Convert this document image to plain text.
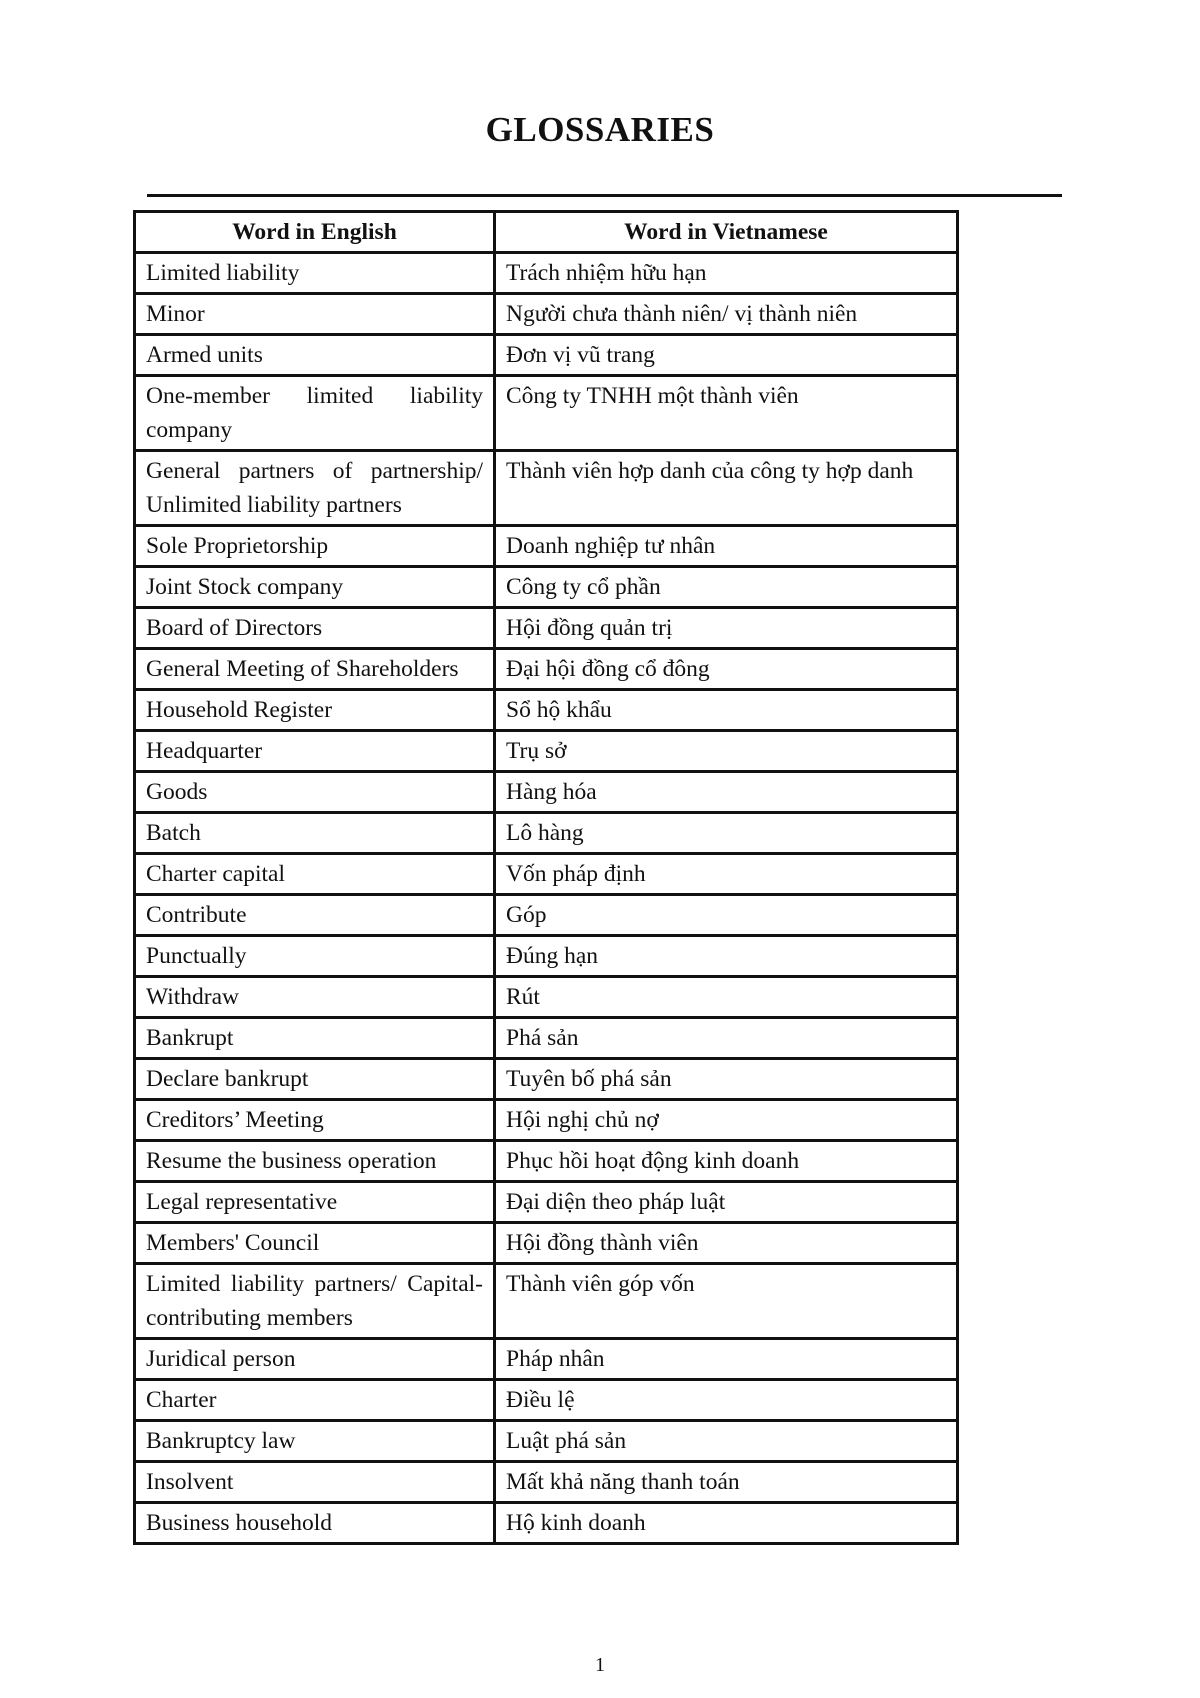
GLOSSARIES
Word in English	Word in Vietnamese
Limited liability	Trách nhiệm hữu hạn
Minor	Người chưa thành niên/ vị thành niên
Armed units	Đơn vị vũ trang
One-member limited liability company	Công ty TNHH một thành viên
General partners of partnership/ Unlimited liability partners	Thành viên hợp danh của công ty hợp danh
Sole Proprietorship	Doanh nghiệp tư nhân
Joint Stock company	Công ty cổ phần
Board of Directors	Hội đồng quản trị
General Meeting of Shareholders	Đại hội đồng cổ đông
Household Register	Sổ hộ khẩu
Headquarter	Trụ sở
Goods	Hàng hóa
Batch	Lô hàng
Charter capital	Vốn pháp định
Contribute	Góp
Punctually	Đúng hạn
Withdraw	Rút
Bankrupt	Phá sản
Declare bankrupt	Tuyên bố phá sản
Creditors’ Meeting	Hội nghị chủ nợ
Resume the business operation	Phục hồi hoạt động kinh doanh
Legal representative	Đại diện theo pháp luật
Members' Council	Hội đồng thành viên
Limited liability partners/ Capital-contributing members	Thành viên góp vốn
Juridical person	Pháp nhân
Charter	Điều lệ
Bankruptcy law	Luật phá sản
Insolvent	Mất khả năng thanh toán
Business household	Hộ kinh doanh
1
